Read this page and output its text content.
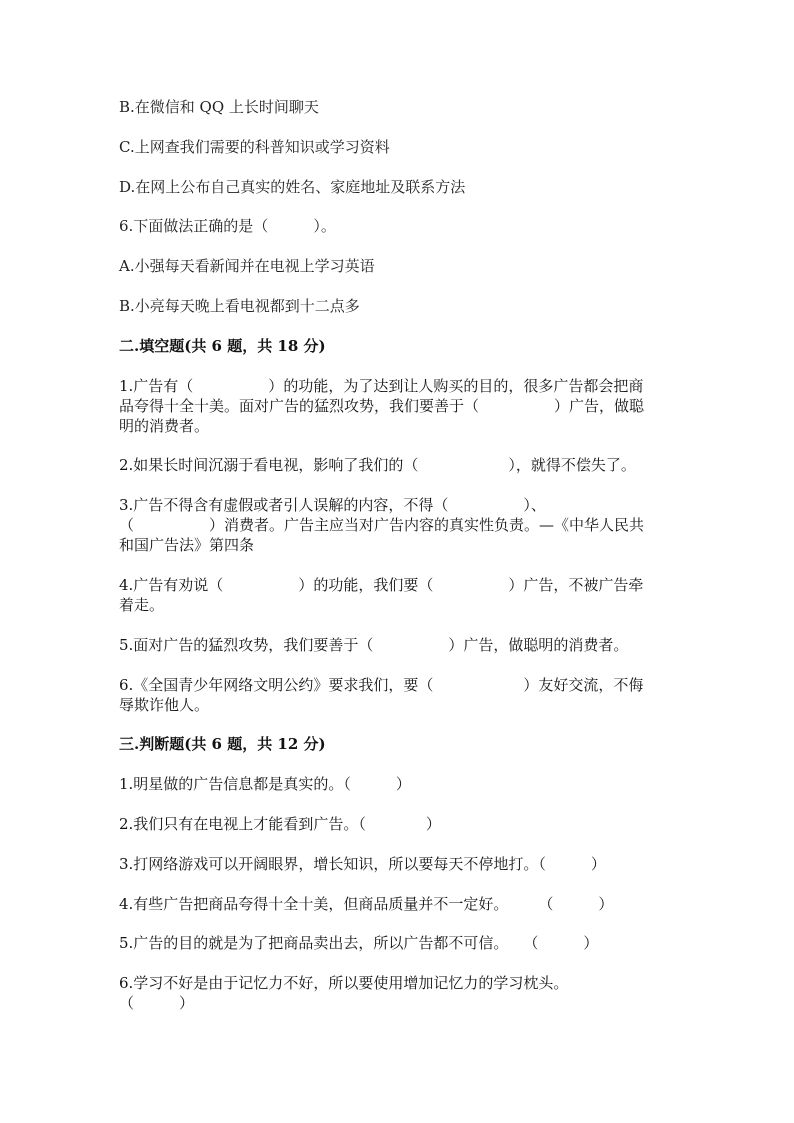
B.在微信和 QQ 上长时间聊天
C.上网查我们需要的科普知识或学习资料
D.在网上公布自己真实的姓名、家庭地址及联系方法
6.下面做法正确的是（　　　）。
A.小强每天看新闻并在电视上学习英语
B.小亮每天晚上看电视都到十二点多
二.填空题(共 6 题，共 18 分)
1.广告有（　　　　　）的功能，为了达到让人购买的目的，很多广告都会把商
品夸得十全十美。面对广告的猛烈攻势，我们要善于（　　　　　）广告，做聪
明的消费者。
2.如果长时间沉溺于看电视，影响了我们的（　　　　　　），就得不偿失了。
3.广告不得含有虚假或者引人误解的内容，不得（　　　　　）、
（　　　　　）消费者。广告主应当对广告内容的真实性负责。—《中华人民共
和国广告法》第四条
4.广告有劝说（　　　　　）的功能，我们要（　　　　　）广告，不被广告牵
着走。
5.面对广告的猛烈攻势，我们要善于（　　　　　）广告，做聪明的消费者。
6.《全国青少年网络文明公约》要求我们，要（　　　　　　）友好交流，不侮
辱欺诈他人。
三.判断题(共 6 题，共 12 分)
1.明星做的广告信息都是真实的。（　　　）
2.我们只有在电视上才能看到广告。（　　　　）
3.打网络游戏可以开阔眼界，增长知识，所以要每天不停地打。（　　　）
4.有些广告把商品夸得十全十美，但商品质量并不一定好。　　　（　　　）
5.广告的目的就是为了把商品卖出去，所以广告都不可信。　　（　　　）
6.学习不好是由于记忆力不好，所以要使用增加记忆力的学习枕头。
（　　　）
